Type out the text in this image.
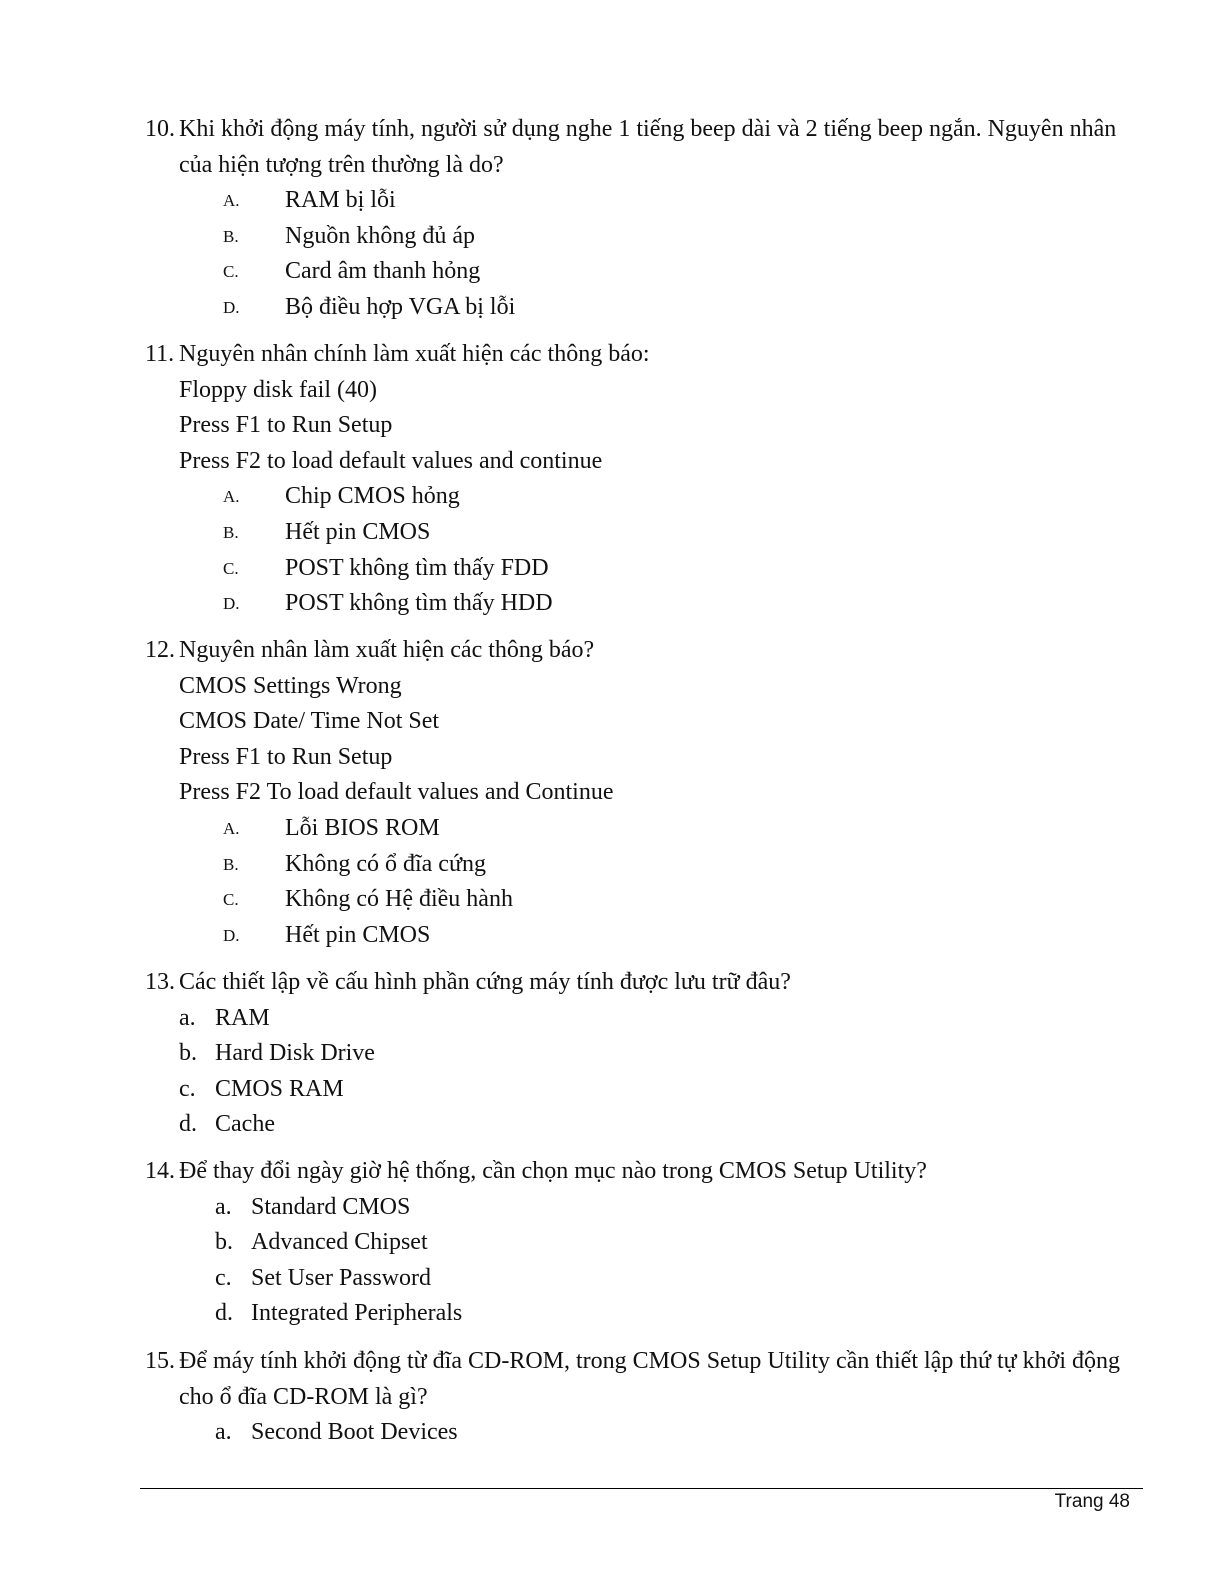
10. Khi khởi động máy tính, người sử dụng nghe 1 tiếng beep dài và 2 tiếng beep ngắn. Nguyên nhân của hiện tượng trên thường là do?
A.	RAM bị lỗi
B.	Nguồn không đủ áp
C.	Card âm thanh hỏng
D.	Bộ điều hợp VGA bị lỗi
11. Nguyên nhân chính làm xuất hiện các thông báo:
Floppy disk fail (40)
Press F1 to Run Setup
Press F2 to load default values and continue
A.	Chip CMOS hỏng
B.	Hết pin CMOS
C.	POST không tìm thấy FDD
D.	POST không tìm thấy HDD
12. Nguyên nhân làm xuất hiện các thông báo?
CMOS Settings Wrong
CMOS Date/ Time Not Set
Press F1 to Run Setup
Press F2 To load default values and Continue
A.	Lỗi BIOS ROM
B.	Không có ổ đĩa cứng
C.	Không có Hệ điều hành
D.	Hết pin CMOS
13. Các thiết lập về cấu hình phần cứng máy tính được lưu trữ đâu?
a. RAM
b. Hard Disk Drive
c. CMOS RAM
d. Cache
14. Để thay đổi ngày giờ hệ thống, cần chọn mục nào trong CMOS Setup Utility?
a. Standard CMOS
b. Advanced Chipset
c. Set User Password
d. Integrated Peripherals
15. Để máy tính khởi động từ đĩa CD-ROM, trong CMOS Setup Utility cần thiết lập thứ tự khởi động cho ổ đĩa CD-ROM là gì?
a. Second Boot Devices
Trang 48
